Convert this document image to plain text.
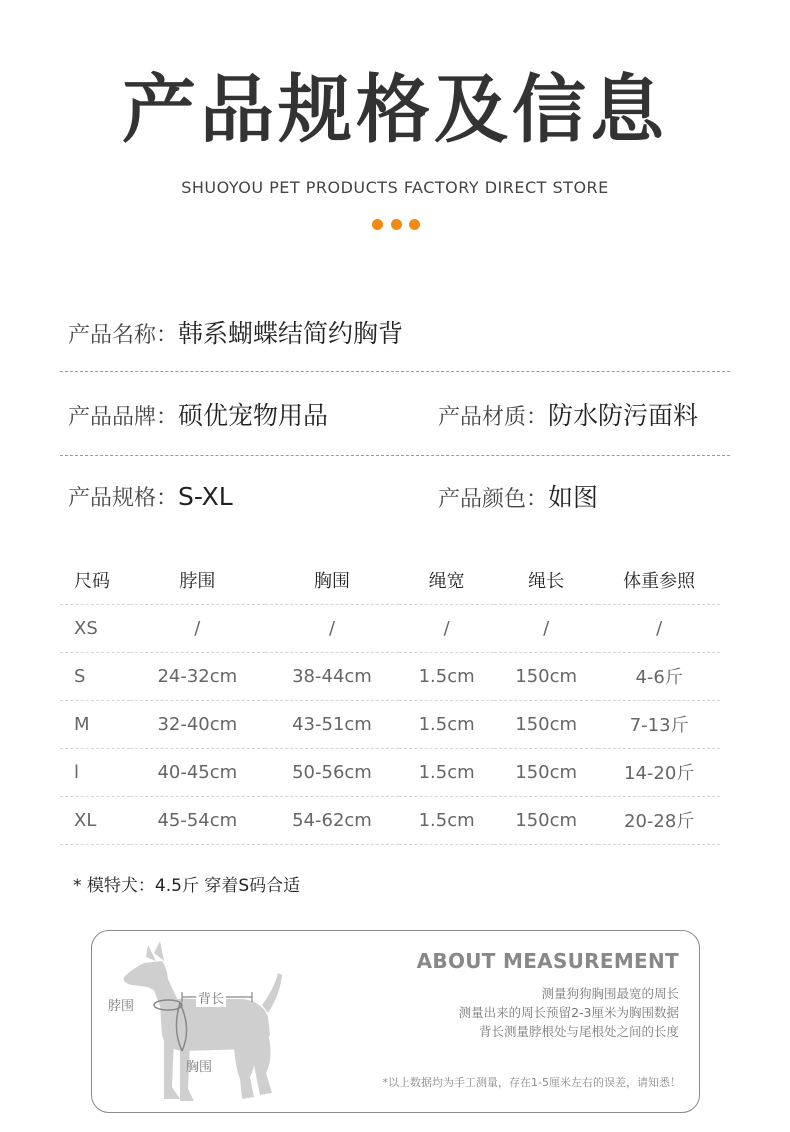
产品规格及信息
SHUOYOU PET PRODUCTS FACTORY DIRECT STORE
产品名称： 韩系蝴蝶结简约胸背
产品品牌： 硕优宠物用品	产品材质： 防水防污面料
产品规格： S-XL	产品颜色： 如图
尺码	脖围	胸围	绳宽	绳长	体重参照
XS	/	/	/	/	/
S	24-32cm	38-44cm	1.5cm	150cm	4-6斤
M	32-40cm	43-51cm	1.5cm	150cm	7-13斤
l	40-45cm	50-56cm	1.5cm	150cm	14-20斤
XL	45-54cm	54-62cm	1.5cm	150cm	20-28斤
* 模特犬：4.5斤 穿着S码合适
脖围	背长
胸围
ABOUT MEASUREMENT
测量狗狗胸围最宽的周长
测量出来的周长预留2-3厘米为胸围数据
背长测量脖根处与尾根处之间的长度
*以上数据均为手工测量，存在1-5厘米左右的误差，请知悉！
